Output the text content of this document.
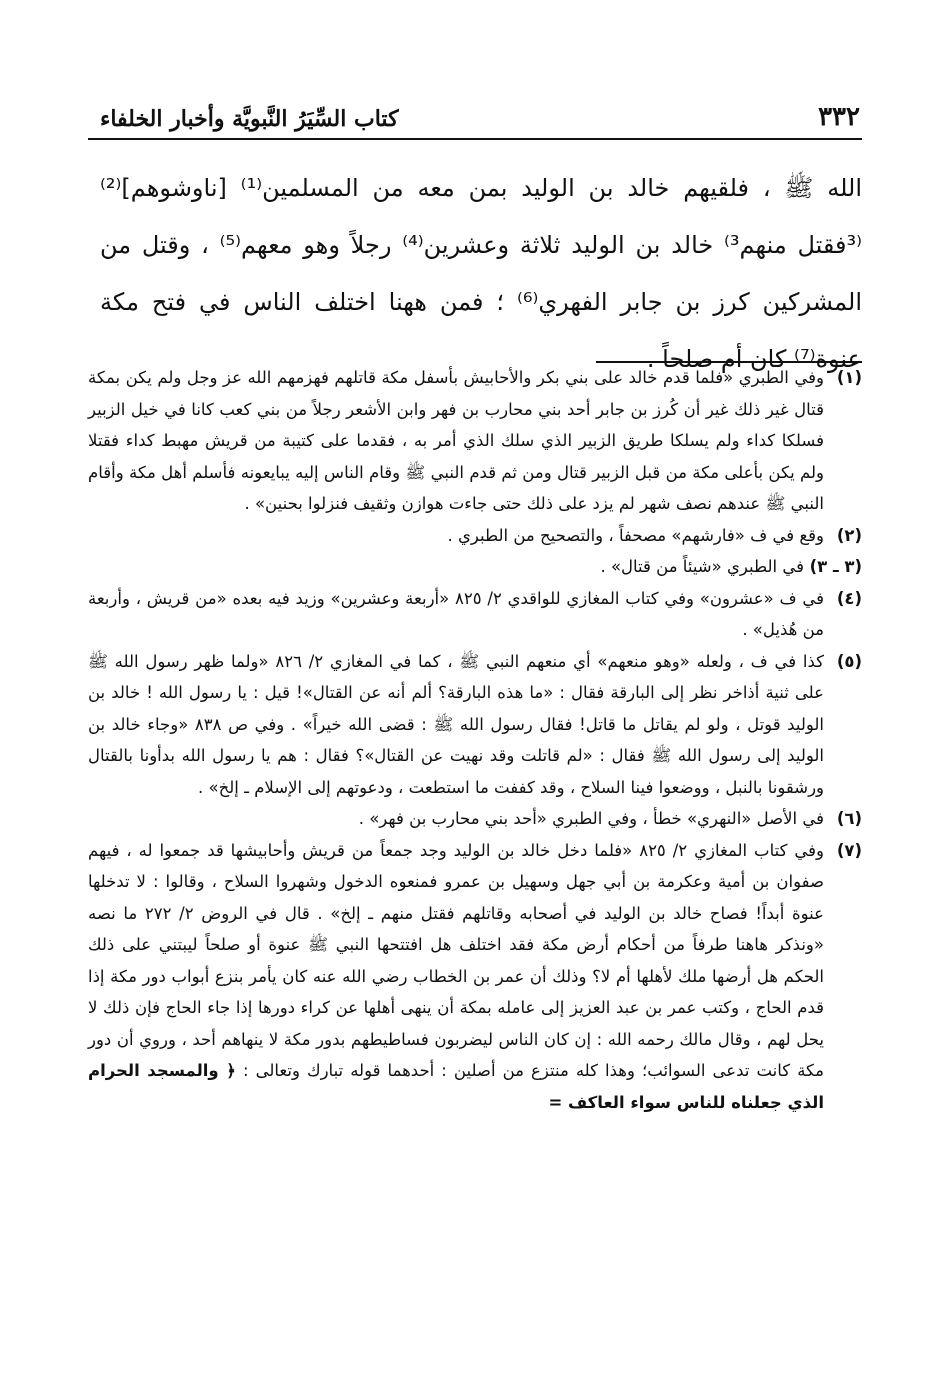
كتاب السِّيَرُ النَّبويَّة وأخبار الخلفاء	٣٣٢

الله ﷺ ، فلقيهم خالد بن الوليد بمن معه من المسلمين⁽¹⁾ [ناوشوهم]⁽²⁾ ⁽³فقتل منهم³⁾ خالد بن الوليد ثلاثة وعشرين⁽⁴⁾ رجلاً وهو معهم⁽⁵⁾ ، وقتل من المشركين كرز بن جابر الفهري⁽⁶⁾ ؛ فمن ههنا اختلف الناس في فتح مكة عنوة⁽⁷⁾ كان أم صلحاً .

(١)
وفي الطبري «فلما قدم خالد على بني بكر والأحابيش بأسفل مكة قاتلهم فهزمهم الله عز وجل ولم يكن بمكة قتال غير ذلك غير أن كُرز بن جابر أحد بني محارب بن فهر وابن الأشعر رجلاً من بني كعب كانا في خيل الزبير فسلكا كداء ولم يسلكا طريق الزبير الذي سلك الذي أمر به ، فقدما على كتيبة من قريش مهبط كداء فقتلا ولم يكن بأعلى مكة من قبل الزبير قتال ومن ثم قدم النبي ﷺ وقام الناس إليه يبايعونه فأسلم أهل مكة وأقام النبي ﷺ عندهم نصف شهر لم يزد على ذلك حتى جاءت هوازن وثقيف فنزلوا بحنين» .
(٢)
وقع في ف «فارشهم» مصحفاً ، والتصحيح من الطبري .
(٣ ـ ٣)
في الطبري «شيئاً من قتال» .
(٤)
في ف «عشرون» وفي كتاب المغازي للواقدي ٢/ ٨٢٥ «أربعة وعشرين» وزيد فيه بعده «من قريش ، وأربعة من هُذيل» .
(٥)
كذا في ف ، ولعله «وهو منعهم» أي منعهم النبي ﷺ ، كما في المغازي ٢/ ٨٢٦ «ولما ظهر رسول الله ﷺ على ثنية أذاخر نظر إلى البارقة فقال : «ما هذه البارقة؟ ألم أنه عن القتال»! قيل : يا رسول الله ! خالد بن الوليد قوتل ، ولو لم يقاتل ما قاتل! فقال رسول الله ﷺ : قضى الله خيراً» . وفي ص ٨٣٨ «وجاء خالد بن الوليد إلى رسول الله ﷺ فقال : «لم قاتلت وقد نهيت عن القتال»؟ فقال : هم يا رسول الله بدأونا بالقتال ورشقونا بالنبل ، ووضعوا فينا السلاح ، وقد كففت ما استطعت ، ودعوتهم إلى الإسلام ـ إلخ» .
(٦)
في الأصل «النهري» خطأ ، وفي الطبري «أحد بني محارب بن فهر» .
(٧)
وفي كتاب المغازي ٢/ ٨٢٥ «فلما دخل خالد بن الوليد وجد جمعاً من قريش وأحابيشها قد جمعوا له ، فيهم صفوان بن أمية وعكرمة بن أبي جهل وسهيل بن عمرو فمنعوه الدخول وشهروا السلاح ، وقالوا : لا تدخلها عنوة أبداً! فصاح خالد بن الوليد في أصحابه وقاتلهم فقتل منهم ـ إلخ» . قال في الروض ٢/ ٢٧٢ ما نصه «ونذكر هاهنا طرفاً من أحكام أرض مكة فقد اختلف هل افتتحها النبي ﷺ عنوة أو صلحاً ليبتني على ذلك الحكم هل أرضها ملك لأهلها أم لا؟ وذلك أن عمر بن الخطاب رضي الله عنه كان يأمر بنزع أبواب دور مكة إذا قدم الحاج ، وكتب عمر بن عبد العزيز إلى عامله بمكة أن ينهى أهلها عن كراء دورها إذا جاء الحاج فإن ذلك لا يحل لهم ، وقال مالك رحمه الله : إن كان الناس ليضربون فساطيطهم بدور مكة لا ينهاهم أحد ، وروي أن دور مكة كانت تدعى السوائب؛ وهذا كله منتزع من أصلين : أحدهما قوله تبارك وتعالى : ﴿ والمسجد الحرام الذي جعلناه للناس سواء العاكف =
